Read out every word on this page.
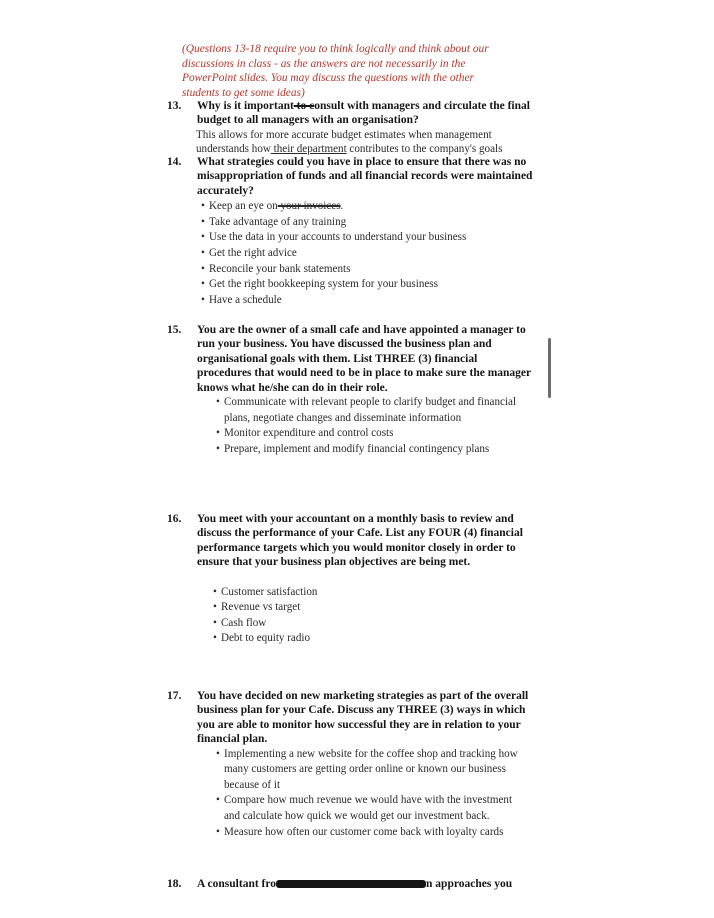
(Questions 13-18 require you to think logically and think about our discussions in class - as the answers are not necessarily in the PowerPoint slides. You may discuss the questions with the other students to get some ideas)
13. Why is it important to consult with managers and circulate the final budget to all managers with an organisation?
This allows for more accurate budget estimates when management understands how their department contributes to the company's goals
14. What strategies could you have in place to ensure that there was no misappropriation of funds and all financial records were maintained accurately?
• Keep an eye on your invoices.
• Take advantage of any training
• Use the data in your accounts to understand your business
• Get the right advice
• Reconcile your bank statements
• Get the right bookkeeping system for your business
• Have a schedule
15. You are the owner of a small cafe and have appointed a manager to run your business. You have discussed the business plan and organisational goals with them. List THREE (3) financial procedures that would need to be in place to make sure the manager knows what he/she can do in their role.
• Communicate with relevant people to clarify budget and financial plans, negotiate changes and disseminate information
• Monitor expenditure and control costs
• Prepare, implement and modify financial contingency plans
16. You meet with your accountant on a monthly basis to review and discuss the performance of your Cafe. List any FOUR (4) financial performance targets which you would monitor closely in order to ensure that your business plan objectives are being met.
• Customer satisfaction
• Revenue vs target
• Cash flow
• Debt to equity radio
17. You have decided on new marketing strategies as part of the overall business plan for your Cafe. Discuss any THREE (3) ways in which you are able to monitor how successful they are in relation to your financial plan.
• Implementing a new website for the coffee shop and tracking how many customers are getting order online or known our business because of it
• Compare how much revenue we would have with the investment and calculate how quick we would get our investment back.
• Measure how often our customer come back with loyalty cards
18. A consultant fro	n approaches you
